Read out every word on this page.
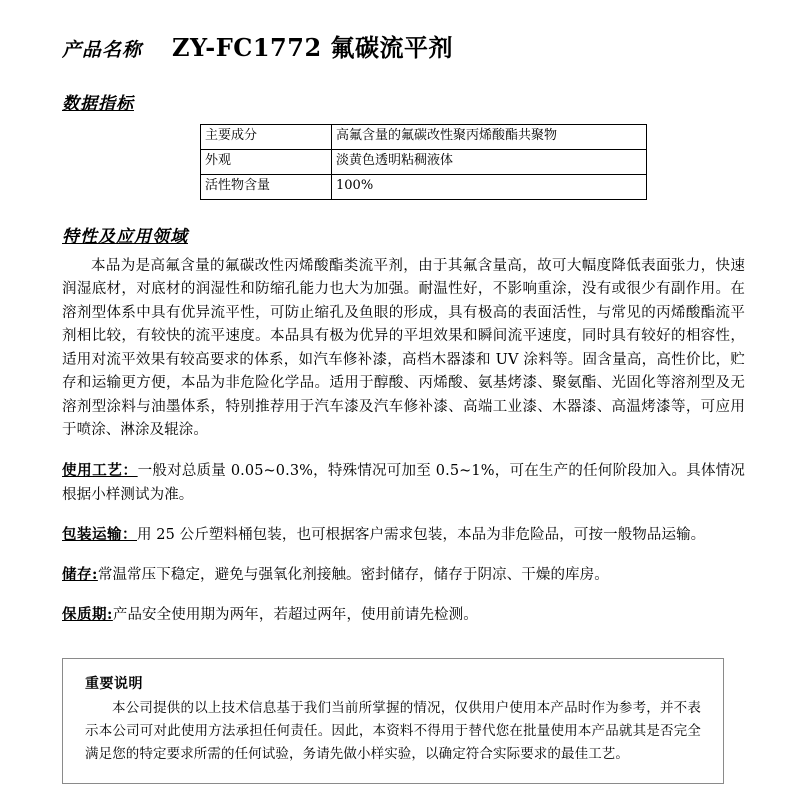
产品名称 ZY-FC1772 氟碳流平剂
数据指标
主要成分	高氟含量的氟碳改性聚丙烯酸酯共聚物
外观	淡黄色透明粘稠液体
活性物含量	100%
特性及应用领域
本品为是高氟含量的氟碳改性丙烯酸酯类流平剂，由于其氟含量高，故可大幅度降低表面张力，快速润湿底材，对底材的润湿性和防缩孔能力也大为加强。耐温性好，不影响重涂，没有或很少有副作用。在溶剂型体系中具有优异流平性，可防止缩孔及鱼眼的形成，具有极高的表面活性，与常见的丙烯酸酯流平剂相比较，有较快的流平速度。本品具有极为优异的平坦效果和瞬间流平速度，同时具有较好的相容性，适用对流平效果有较高要求的体系，如汽车修补漆，高档木器漆和 UV 涂料等。固含量高，高性价比，贮存和运输更方便，本品为非危险化学品。适用于醇酸、丙烯酸、氨基烤漆、聚氨酯、光固化等溶剂型及无溶剂型涂料与油墨体系，特别推荐用于汽车漆及汽车修补漆、高端工业漆、木器漆、高温烤漆等，可应用于喷涂、淋涂及辊涂。
使用工艺：一般对总质量 0.05~0.3%，特殊情况可加至 0.5~1%，可在生产的任何阶段加入。具体情况根据小样测试为准。
包装运输：用 25 公斤塑料桶包装，也可根据客户需求包装，本品为非危险品，可按一般物品运输。
储存:常温常压下稳定，避免与强氧化剂接触。密封储存，储存于阴凉、干燥的库房。
保质期:产品安全使用期为两年，若超过两年，使用前请先检测。
重要说明
本公司提供的以上技术信息基于我们当前所掌握的情况，仅供用户使用本产品时作为参考，并不表示本公司可对此使用方法承担任何责任。因此，本资料不得用于替代您在批量使用本产品就其是否完全满足您的特定要求所需的任何试验，务请先做小样实验，以确定符合实际要求的最佳工艺。
